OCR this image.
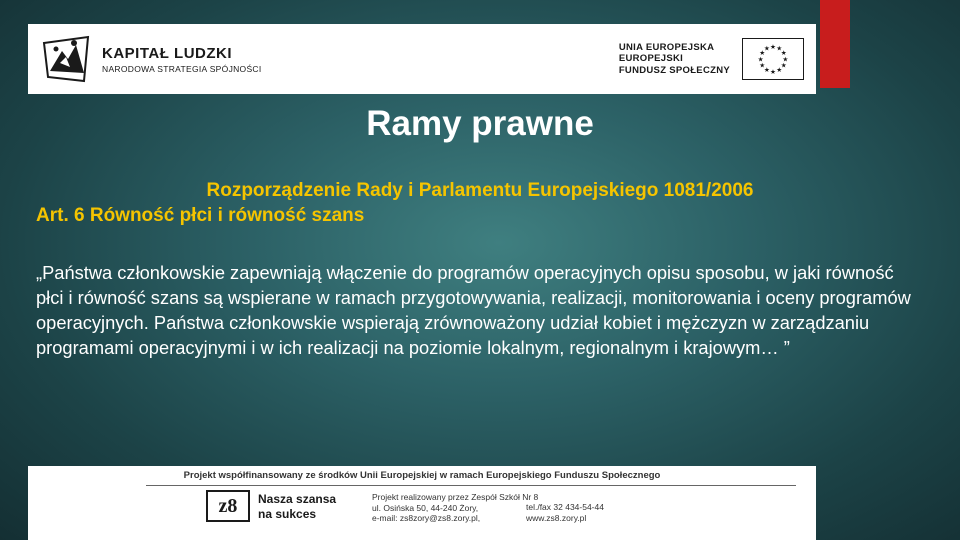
KAPITAŁ LUDZKI
NARODOWA STRATEGIA SPÓJNOŚCI
UNIA EUROPEJSKA
EUROPEJSKI
FUNDUSZ SPOŁECZNY
★ ★
★
★
★
★
★
★
★
★
★
★
Ramy prawne
Rozporządzenie Rady i Parlamentu Europejskiego 1081/2006
Art. 6 Równość płci i równość szans
„Państwa członkowskie zapewniają włączenie do programów operacyjnych opisu sposobu, w jaki równość płci i równość szans są wspierane w ramach przygotowywania, realizacji, monitorowania i oceny programów operacyjnych. Państwa członkowskie wspierają zrównoważony udział kobiet i mężczyzn w zarządzaniu programami operacyjnymi i w ich realizacji na poziomie lokalnym, regionalnym i krajowym… ”
Projekt współfinansowany ze środków Unii Europejskiej w ramach Europejskiego Funduszu Społecznego
z8	Nasza szansa
na sukces
Projekt realizowany przez Zespół Szkół Nr 8
ul. Osińska 50, 44-240 Żory,
e-mail: zs8zory@zs8.zory.pl,
tel./fax 32 434-54-44
www.zs8.zory.pl
